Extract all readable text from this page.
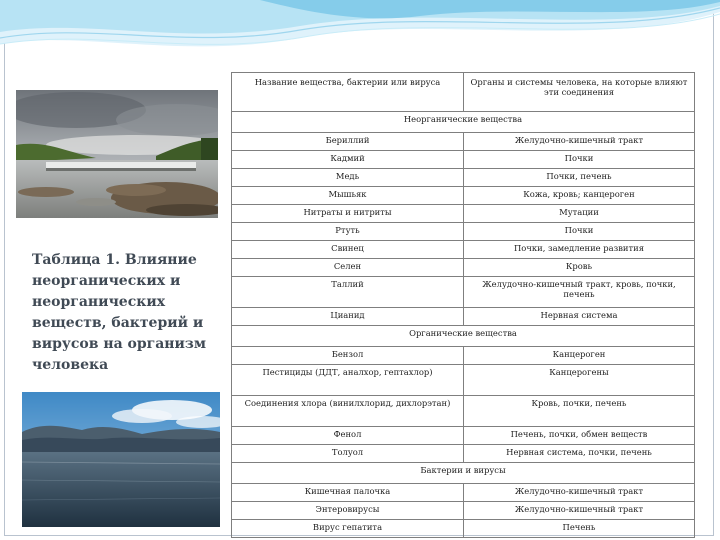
Таблица 1. Влияние неорганических и неорганических веществ, бактерий и вирусов на организм человека
Название вещества, бактерии или вируса	Органы и системы человека, на которые влияют эти соединения
Неорганические вещества	
Бериллий	Желудочно-кишечный тракт
Кадмий	Почки
Медь	Почки, печень
Мышьяк	Кожа, кровь; канцероген
Нитраты и нитриты	Мутации
Ртуть	Почки
Свинец	Почки, замедление развития
Селен	Кровь
Таллий	Желудочно-кишечный тракт, кровь, почки, печень
Цианид	Нервная система
Органические вещества	
Бензол	Канцероген
Пестициды (ДДТ, аналхор, гептахлор)	Канцерогены
Соединения хлора (винилхлорид, дихлорэтан)	Кровь, почки, печень
Фенол	Печень, почки, обмен веществ
Толуол	Нервная система, почки, печень
Бактерии и вирусы	
Кишечная палочка	Желудочно-кишечный тракт
Энтеровирусы	Желудочно-кишечный тракт
Вирус гепатита	Печень
